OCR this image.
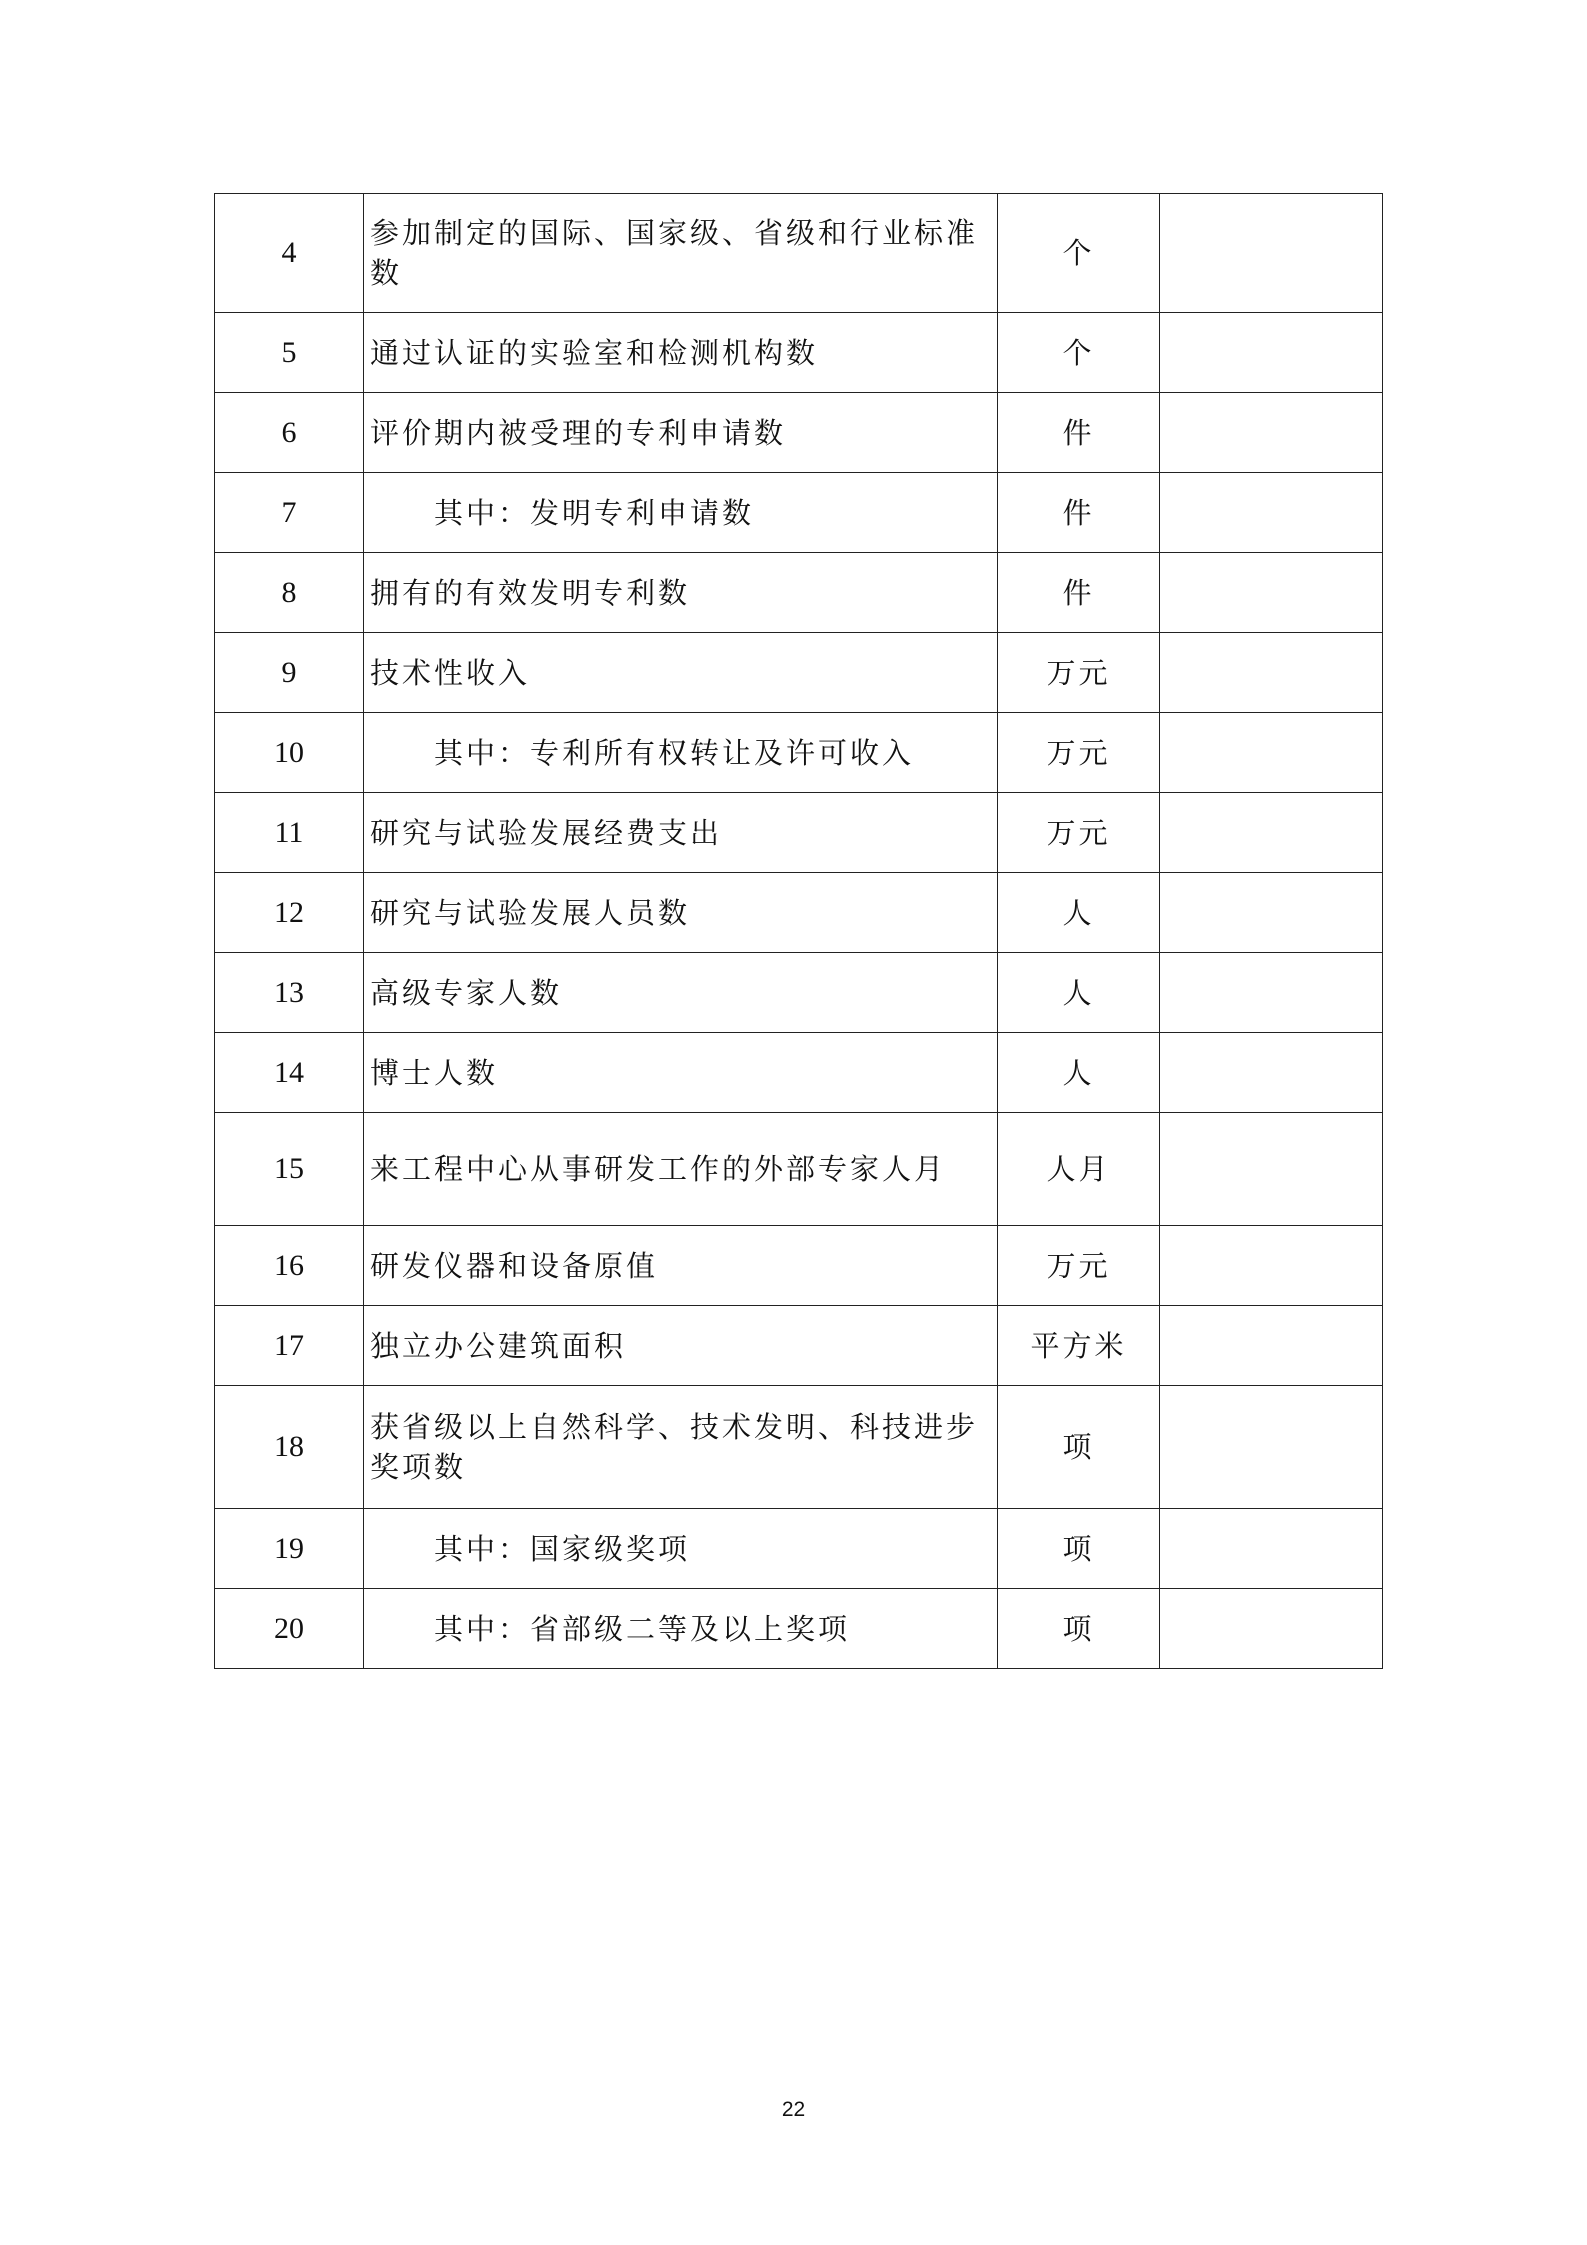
4	参加制定的国际、国家级、省级和行业标准数	个	
5	通过认证的实验室和检测机构数	个	
6	评价期内被受理的专利申请数	件	
7	其中：发明专利申请数	件	
8	拥有的有效发明专利数	件	
9	技术性收入	万元	
10	其中：专利所有权转让及许可收入	万元	
11	研究与试验发展经费支出	万元	
12	研究与试验发展人员数	人	
13	高级专家人数	人	
14	博士人数	人	
15	来工程中心从事研发工作的外部专家人月	人月	
16	研发仪器和设备原值	万元	
17	独立办公建筑面积	平方米	
18	获省级以上自然科学、技术发明、科技进步奖项数	项	
19	其中：国家级奖项	项	
20	其中：省部级二等及以上奖项	项	
22
